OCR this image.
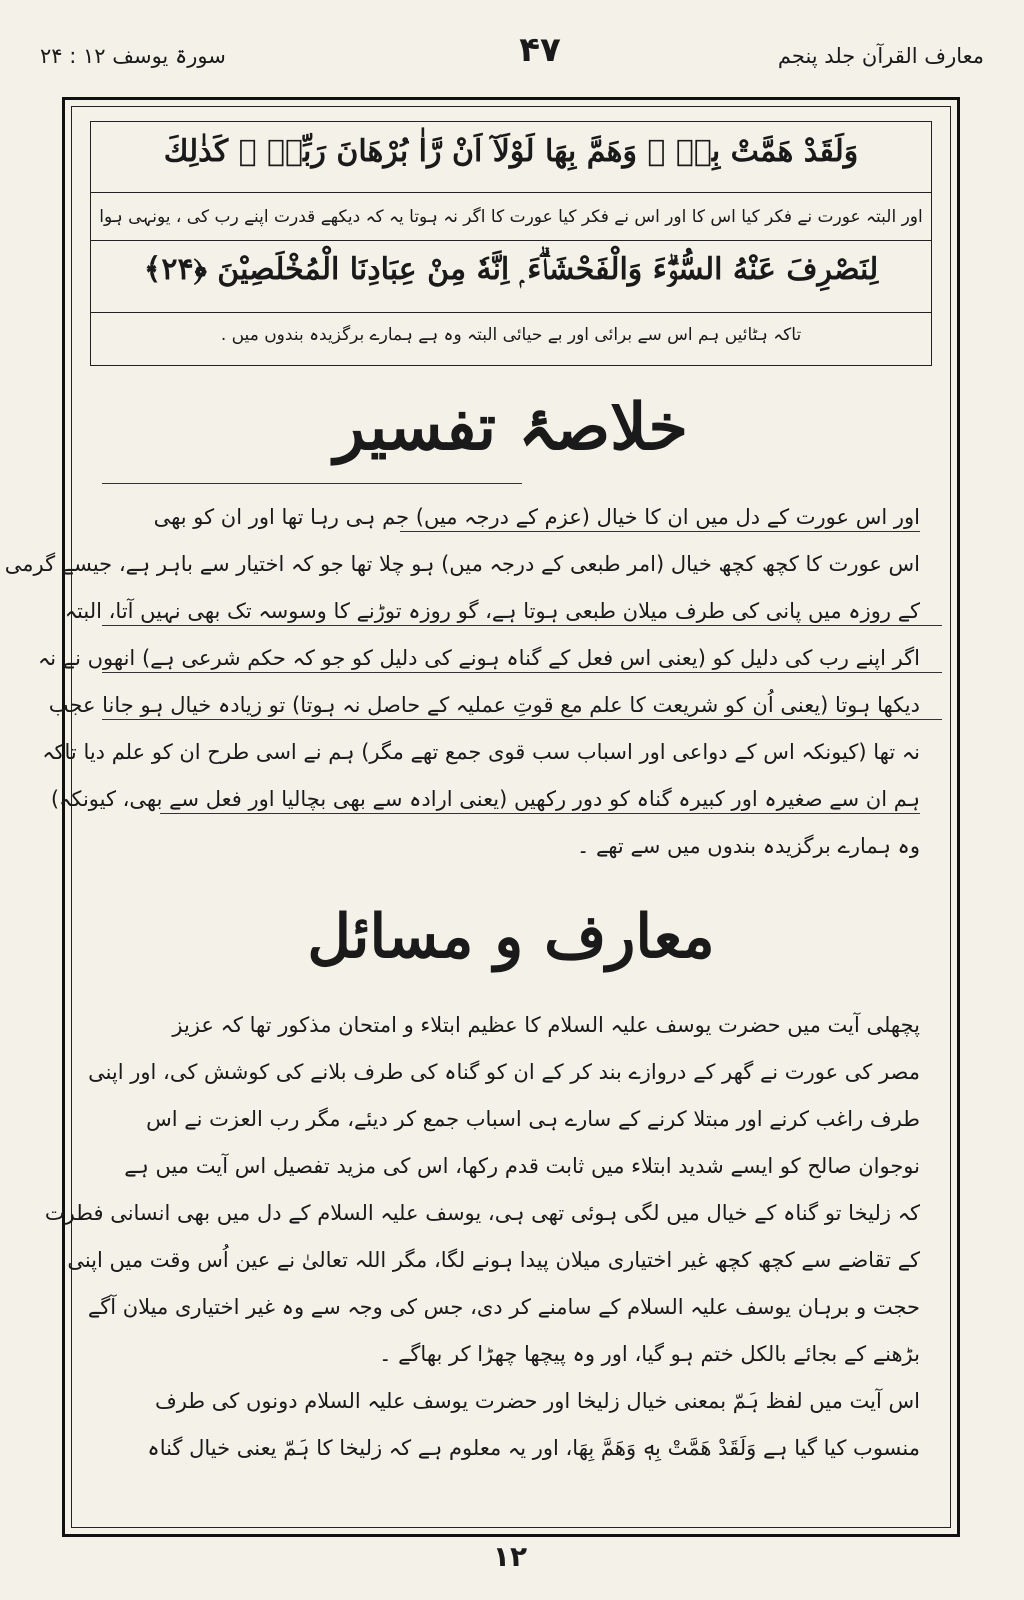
معارف القرآن جلد پنجم
۴۷
سورۃ یوسف ۱۲ : ۲۴
وَلَقَدْ هَمَّتْ بِهٖ ۚ وَهَمَّ بِهَا لَوْلَآ اَنْ رَّاٰ بُرْهَانَ رَبِّهٖ ۭ كَذٰلِكَ
اور البتہ عورت نے فکر کیا اس کا اور اس نے فکر کیا عورت کا اگر نہ ہوتا یہ کہ دیکھے قدرت اپنے رب کی ، یونہی ہوا
لِنَصْرِفَ عَنْهُ السُّوْۗءَ وَالْفَحْشَاۗءَ ۭ اِنَّهٗ مِنْ عِبَادِنَا الْمُخْلَصِيْنَ ﴿۲۴﴾
تاکہ ہٹائیں ہم اس سے برائی اور بے حیائی البتہ وہ ہے ہمارے برگزیدہ بندوں میں .
خلاصۂ تفسیر
اور اس عورت کے دل میں ان کا خیال (عزم کے درجہ میں) جم ہی رہا تھا اور ان کو بھی
اس عورت کا کچھ کچھ خیال (امر طبعی کے درجہ میں) ہو چلا تھا جو کہ اختیار سے باہر ہے، جیسے گرمی
کے روزہ میں پانی کی طرف میلان طبعی ہوتا ہے، گو روزہ توڑنے کا وسوسہ تک بھی نہیں آتا، البتہ
اگر اپنے رب کی دلیل کو (یعنی اس فعل کے گناہ ہونے کی دلیل کو جو کہ حکم شرعی ہے) انھوں نے نہ
دیکھا ہوتا (یعنی اُن کو شریعت کا علم مع قوتِ عملیہ کے حاصل نہ ہوتا) تو زیادہ خیال ہو جانا عجب
نہ تھا (کیونکہ اس کے دواعی اور اسباب سب قوی جمع تھے مگر) ہم نے اسی طرح ان کو علم دیا تاکہ
ہم ان سے صغیرہ اور کبیرہ گناہ کو دور رکھیں (یعنی ارادہ سے بھی بچالیا اور فعل سے بھی، کیونکہ)
وہ ہمارے برگزیدہ بندوں میں سے تھے ۔
معارف و مسائل
پچھلی آیت میں حضرت یوسف علیہ السلام کا عظیم ابتلاء و امتحان مذکور تھا کہ عزیز
مصر کی عورت نے گھر کے دروازے بند کر کے ان کو گناہ کی طرف بلانے کی کوشش کی، اور اپنی
طرف راغب کرنے اور مبتلا کرنے کے سارے ہی اسباب جمع کر دیئے، مگر رب العزت نے اس
نوجوان صالح کو ایسے شدید ابتلاء میں ثابت قدم رکھا، اس کی مزید تفصیل اس آیت میں ہے
کہ زلیخا تو گناہ کے خیال میں لگی ہوئی تھی ہی، یوسف علیہ السلام کے دل میں بھی انسانی فطرت
کے تقاضے سے کچھ کچھ غیر اختیاری میلان پیدا ہونے لگا، مگر اللہ تعالیٰ نے عین اُس وقت میں اپنی
حجت و برہان یوسف علیہ السلام کے سامنے کر دی، جس کی وجہ سے وہ غیر اختیاری میلان آگے
بڑھنے کے بجائے بالکل ختم ہو گیا، اور وہ پیچھا چھڑا کر بھاگے ۔
اس آیت میں لفظ ہَمّ بمعنی خیال زلیخا اور حضرت یوسف علیہ السلام دونوں کی طرف
منسوب کیا گیا ہے وَلَقَدْ هَمَّتْ بِهٖ وَهَمَّ بِهَا، اور یہ معلوم ہے کہ زلیخا کا ہَمّ یعنی خیال گناہ
۱۲
